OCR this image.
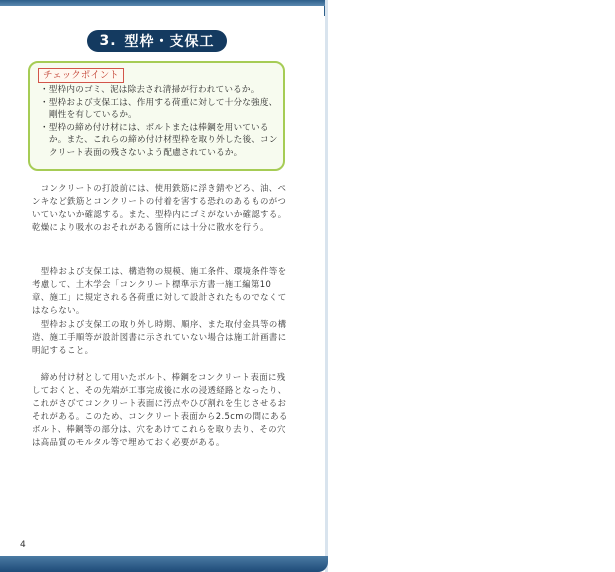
3. 型枠・支保工
チェックポイント
・型枠内のゴミ、泥は除去され清掃が行われているか。
・型枠および支保工は、作用する荷重に対して十分な強度、剛性を有しているか。
・型枠の締め付け材には、ボルトまたは棒鋼を用いているか。また、これらの締め付け材型枠を取り外した後、コンクリート表面の残さないよう配慮されているか。

　コンクリートの打設前には、使用鉄筋に浮き錆やどろ、油、ペンキなど鉄筋とコンクリートの付着を害する恐れのあるものがついていないか確認する。また、型枠内にゴミがないか確認する。乾燥により吸水のおそれがある箇所には十分に散水を行う。

　型枠および支保工は、構造物の規模、施工条件、環境条件等を考慮して、土木学会「コンクリート標準示方書一施工編第10章、施工」に規定される各荷重に対して設計されたものでなくてはならない。

　型枠および支保工の取り外し時期、順序、また取付金具等の構造、施工手順等が設計図書に示されていない場合は施工計画書に明記すること。

　締め付け材として用いたボルト、棒鋼をコンクリート表面に残しておくと、その先端が工事完成後に水の浸透経路となったり、これがさびてコンクリート表面に汚点やひび割れを生じさせるおそれがある。このため、コンクリート表面から2.5cmの間にあるボルト、棒鋼等の部分は、穴をあけてこれらを取り去り、その穴は高品質のモルタル等で埋めておく必要がある。

4
